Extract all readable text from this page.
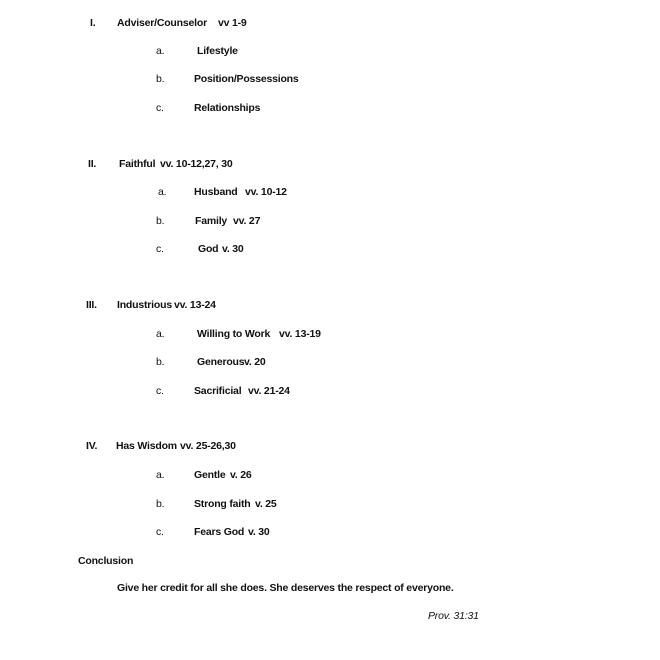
I. Adviser/Counselor vv 1-9
a.	Lifestyle
b.	Position/Possessions
c.	Relationships
II. Faithful vv. 10-12,27, 30
a.	Husband vv. 10-12
b.	Family vv. 27
c.	God v. 30
III. Industrious vv. 13-24
a.	Willing to Work vv. 13-19
b.	Generous v. 20
c.	Sacrificial vv. 21-24
IV. Has Wisdom vv. 25-26,30
a.	Gentle v. 26
b.	Strong faith v. 25
c.	Fears God v. 30
Conclusion
Give her credit for all she does. She deserves the respect of everyone.
Prov. 31:31
